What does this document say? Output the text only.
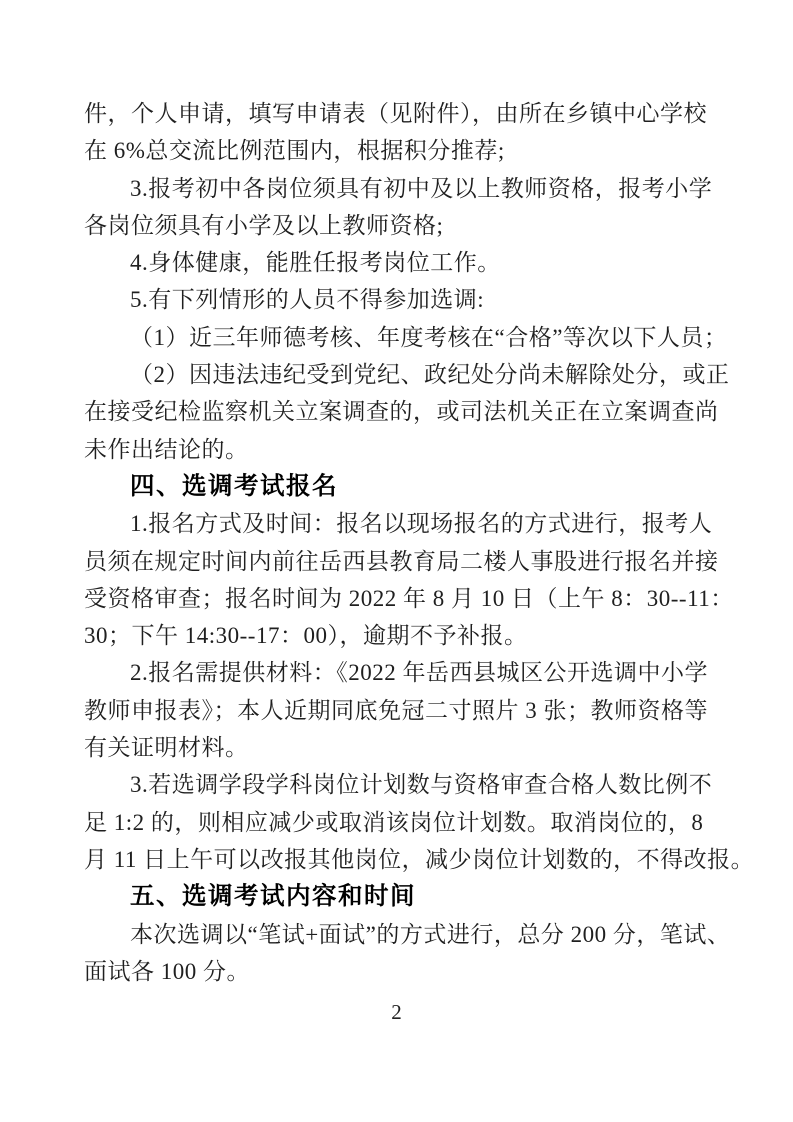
件，个人申请，填写申请表（见附件），由所在乡镇中心学校
在 6%总交流比例范围内，根据积分推荐;
3.报考初中各岗位须具有初中及以上教师资格，报考小学
各岗位须具有小学及以上教师资格;
4.身体健康，能胜任报考岗位工作。
5.有下列情形的人员不得参加选调:
（1）近三年师德考核、年度考核在“合格”等次以下人员；
（2）因违法违纪受到党纪、政纪处分尚未解除处分，或正
在接受纪检监察机关立案调查的，或司法机关正在立案调查尚
未作出结论的。
四、选调考试报名
1.报名方式及时间：报名以现场报名的方式进行，报考人
员须在规定时间内前往岳西县教育局二楼人事股进行报名并接
受资格审查；报名时间为 2022 年 8 月 10 日（上午 8：30--11：
30；下午 14:30--17：00），逾期不予补报。
2.报名需提供材料：《2022 年岳西县城区公开选调中小学
教师申报表》；本人近期同底免冠二寸照片 3 张；教师资格等
有关证明材料。
3.若选调学段学科岗位计划数与资格审查合格人数比例不
足 1:2 的，则相应减少或取消该岗位计划数。取消岗位的，8
月 11 日上午可以改报其他岗位，减少岗位计划数的，不得改报。
五、选调考试内容和时间
本次选调以“笔试+面试”的方式进行，总分 200 分，笔试、
面试各 100 分。
2
